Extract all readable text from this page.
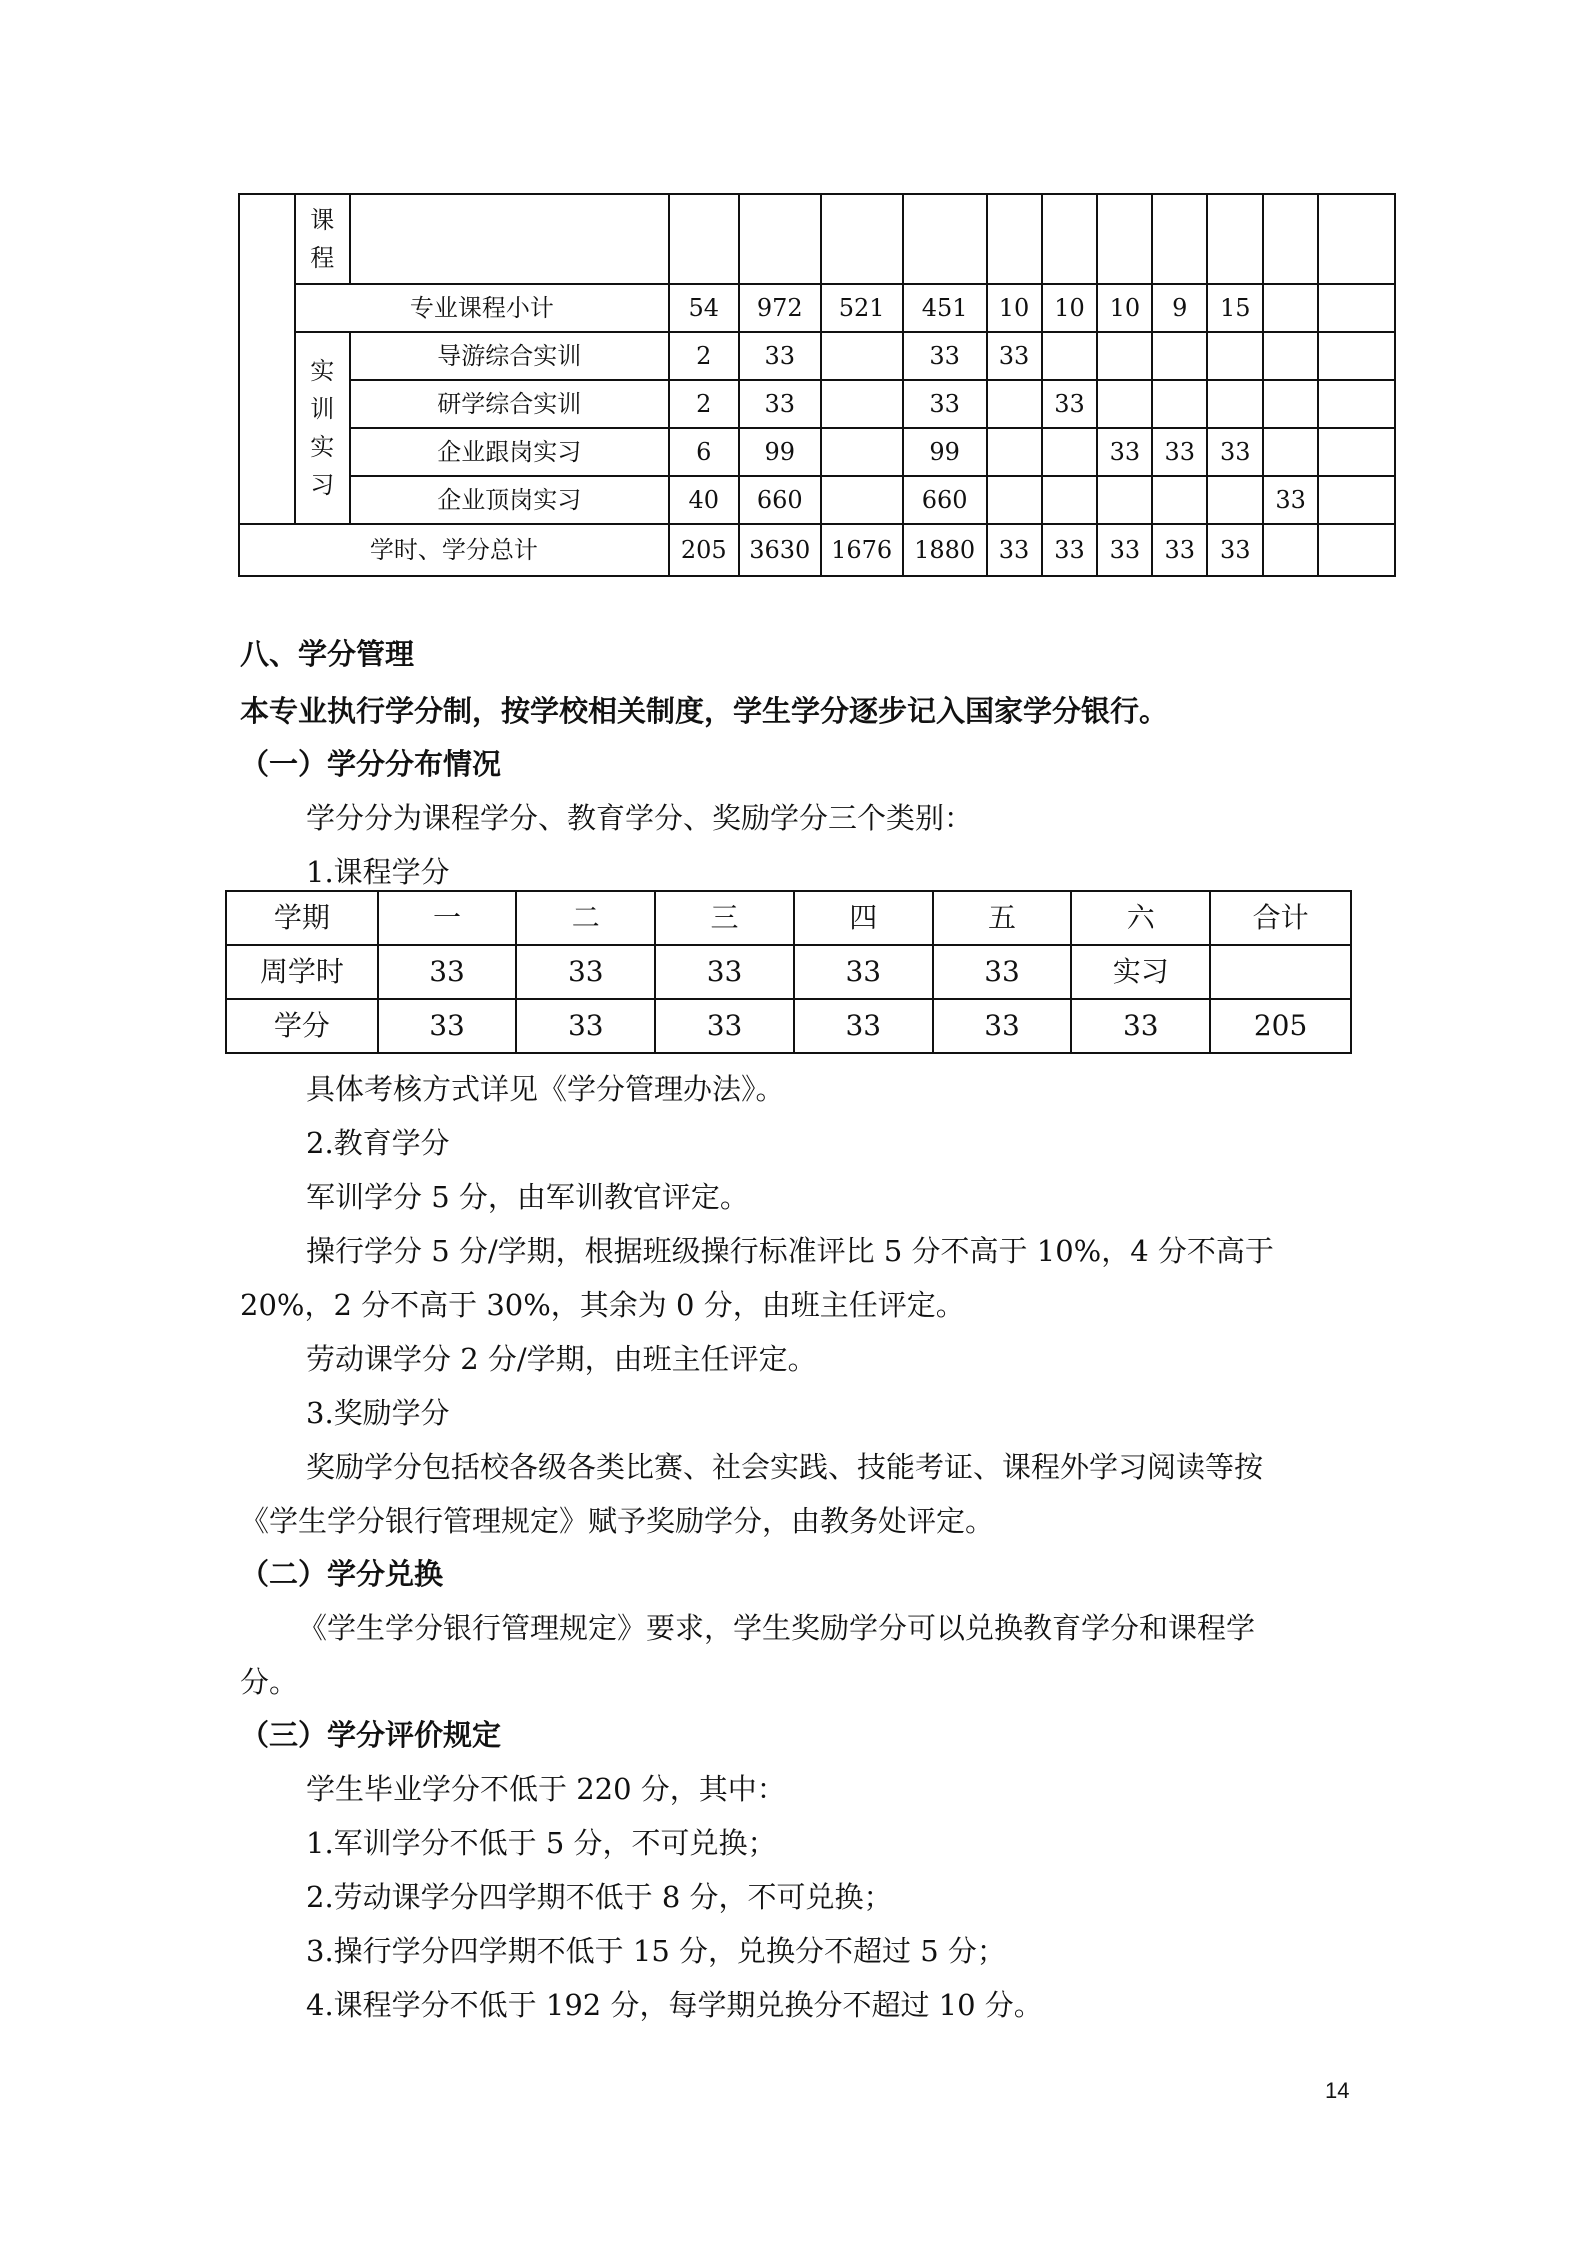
	课
程												

	专业课程小计		54	972	521	451	10	10	10	9	15		

	实
训
实
习	导游综合实训	2	33		33	33						
		研学综合实训	2	33		33		33					
		企业跟岗实习	6	99		99			33	33	33		
		企业顶岗实习	40	660		660						33	
学时、学分总计			205	3630	1676	1880	33	33	33	33	33		
八、学分管理
本专业执行学分制，按学校相关制度，学生学分逐步记入国家学分银行。
（一）学分分布情况
学分分为课程学分、教育学分、奖励学分三个类别：
1.课程学分
学期	一	二	三	四	五	六	合计
周学时	33	33	33	33	33	实习	
学分	33	33	33	33	33	33	205
具体考核方式详见《学分管理办法》。
2.教育学分
军训学分 5 分，由军训教官评定。
操行学分 5 分/学期，根据班级操行标准评比 5 分不高于 10%，4 分不高于
20%，2 分不高于 30%，其余为 0 分，由班主任评定。
劳动课学分 2 分/学期，由班主任评定。
3.奖励学分
奖励学分包括校各级各类比赛、社会实践、技能考证、课程外学习阅读等按
《学生学分银行管理规定》赋予奖励学分，由教务处评定。
（二）学分兑换
《学生学分银行管理规定》要求，学生奖励学分可以兑换教育学分和课程学
分。
（三）学分评价规定
学生毕业学分不低于 220 分，其中：
1.军训学分不低于 5 分，不可兑换；
2.劳动课学分四学期不低于 8 分，不可兑换；
3.操行学分四学期不低于 15 分，兑换分不超过 5 分；
4.课程学分不低于 192 分，每学期兑换分不超过 10 分。
14
